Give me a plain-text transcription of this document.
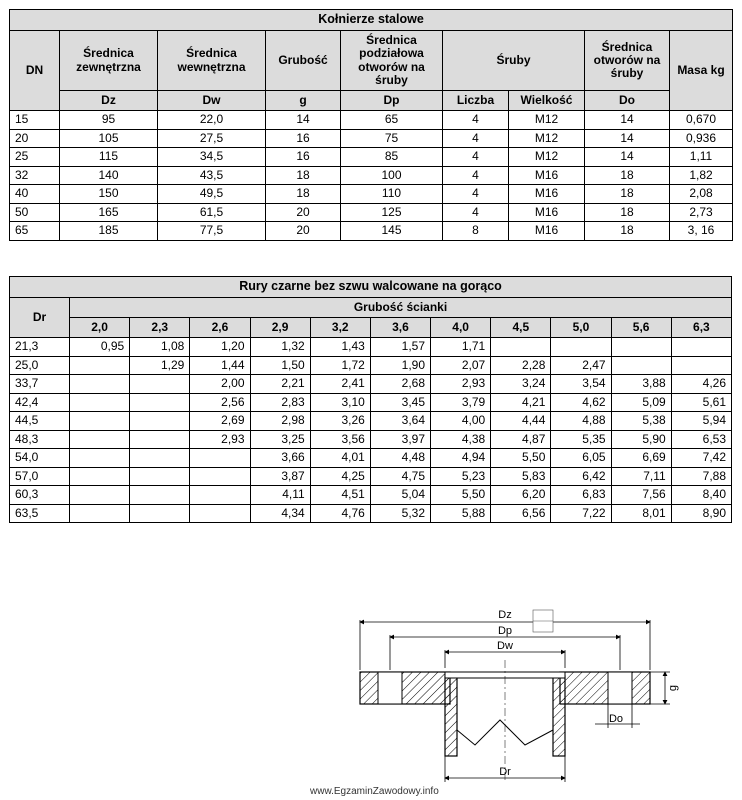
Kołnierze stalowe								
DN	Średnica zewnętrzna	Średnica wewnętrzna	Grubość	Średnica podziałowa otworów na śruby	Śruby		Średnica otworów na śruby	Masa kg
	Dz	Dw	g	Dp	Liczba	Wielkość	Do	
15	95	22,0	14	65	4	M12	14	0,670
20	105	27,5	16	75	4	M12	14	0,936
25	115	34,5	16	85	4	M12	14	1,11
32	140	43,5	18	100	4	M16	18	1,82
40	150	49,5	18	110	4	M16	18	2,08
50	165	61,5	20	125	4	M16	18	2,73
65	185	77,5	20	145	8	M16	18	3, 16
Rury czarne bez szwu walcowane na gorąco											
Dr	Grubość ścianki										
	2,0	2,3	2,6	2,9	3,2	3,6	4,0	4,5	5,0	5,6	6,3
21,3	0,95	1,08	1,20	1,32	1,43	1,57	1,71				
25,0		1,29	1,44	1,50	1,72	1,90	2,07	2,28	2,47		
33,7			2,00	2,21	2,41	2,68	2,93	3,24	3,54	3,88	4,26
42,4			2,56	2,83	3,10	3,45	3,79	4,21	4,62	5,09	5,61
44,5			2,69	2,98	3,26	3,64	4,00	4,44	4,88	5,38	5,94
48,3			2,93	3,25	3,56	3,97	4,38	4,87	5,35	5,90	6,53
54,0				3,66	4,01	4,48	4,94	5,50	6,05	6,69	7,42
57,0				3,87	4,25	4,75	5,23	5,83	6,42	7,11	7,88
60,3				4,11	4,51	5,04	5,50	6,20	6,83	7,56	8,40
63,5				4,34	4,76	5,32	5,88	6,56	7,22	8,01	8,90
Dz
Dp
Dw
g
Do
Dr
www.EgzaminZawodowy.info
